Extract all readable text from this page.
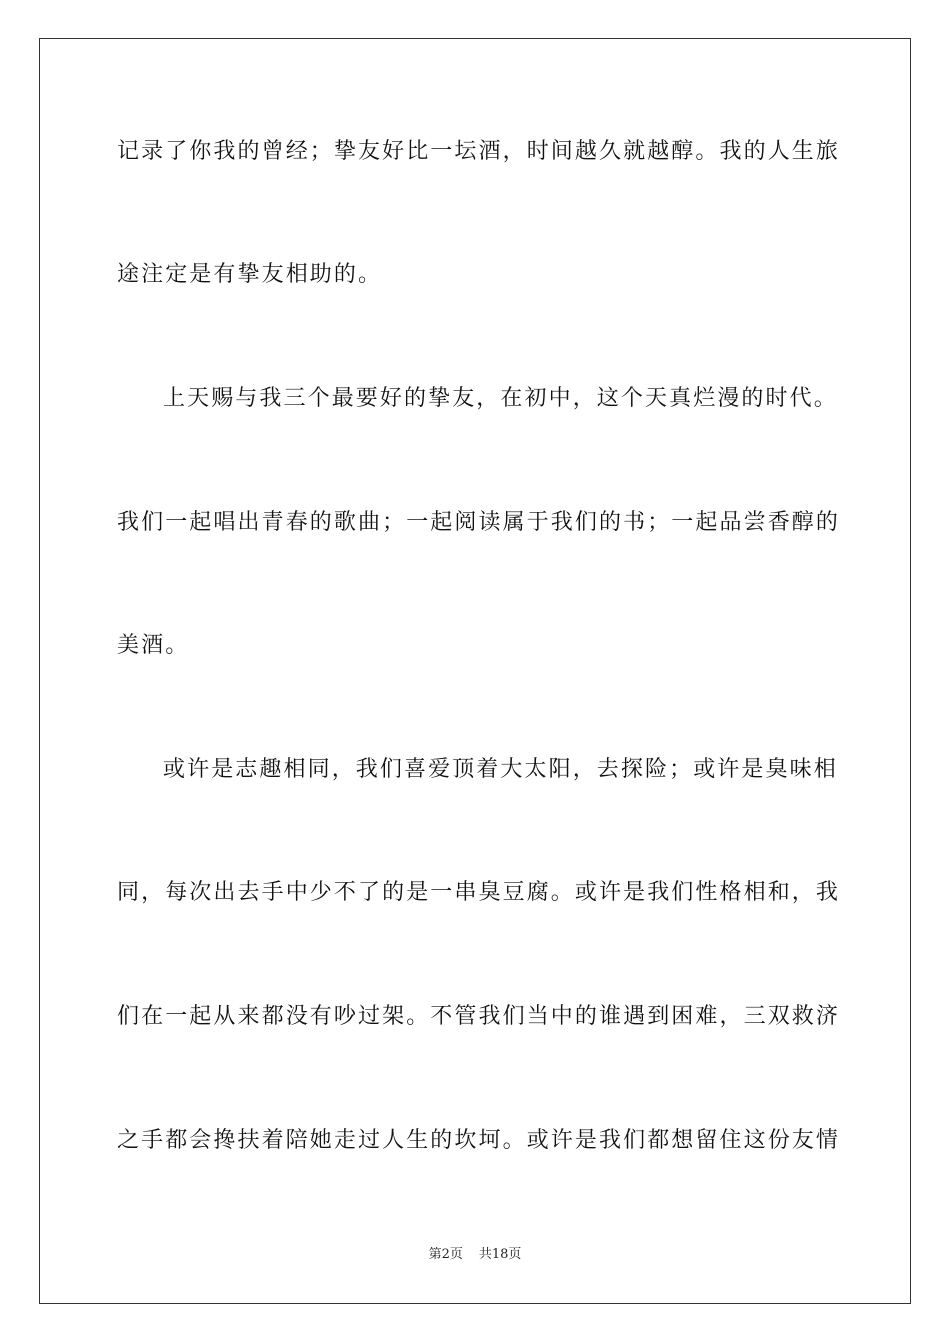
记录了你我的曾经；挚友好比一坛酒，时间越久就越醇。我的人生旅
途注定是有挚友相助的。
上天赐与我三个最要好的挚友，在初中，这个天真烂漫的时代。
我们一起唱出青春的歌曲；一起阅读属于我们的书；一起品尝香醇的
美酒。
或许是志趣相同，我们喜爱顶着大太阳，去探险；或许是臭味相
同，每次出去手中少不了的是一串臭豆腐。或许是我们性格相和，我
们在一起从来都没有吵过架。不管我们当中的谁遇到困难，三双救济
之手都会搀扶着陪她走过人生的坎坷。或许是我们都想留住这份友情
第2页 共18页
